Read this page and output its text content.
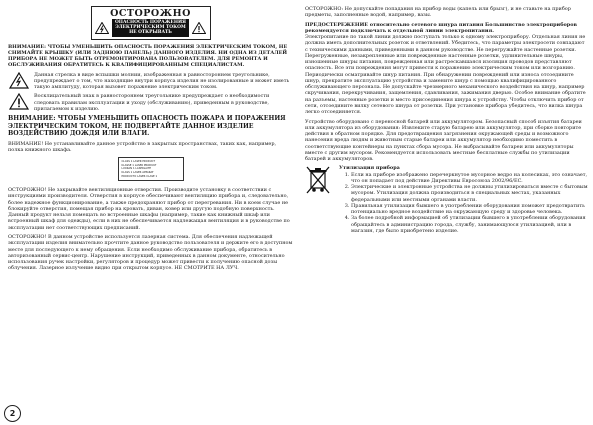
ОСТОРОЖНО
ОПАСНОСТЬ ПОРАЖЕНИЯ
ЭЛЕКТРИЧЕСКИМ ТОКОМ
НЕ ОТКРЫВАТЬ

ВНИМАНИЕ: ЧТОБЫ УМЕНЬШИТЬ ОПАСНОСТЬ ПОРАЖЕНИЯ ЭЛЕКТРИЧЕСКИМ ТОКОМ, НЕ СНИМАЙТЕ КРЫШКУ (ИЛИ ЗАДНЮЮ ПАНЕЛЬ) ДАННОГО ИЗДЕЛИЯ. НИ ОДНА ИЗ ДЕТАЛЕЙ ПРИБОРА НЕ МОЖЕТ БЫТЬ ОТРЕМОНТИРОВАНА ПОЛЬЗОВАТЕЛЕМ. ДЛЯ РЕМОНТА И ОБСЛУЖИВАНИЯ ОБРАТИТЕСЬ К КВАЛИФИЦИРОВАННЫМ СПЕЦИАЛИСТАМ.

Данная стрелка в виде вспышки молнии, изображенная в равностороннем треугольнике, предупреждает о том, что находящие внутри корпуса изделия не изолированные и может иметь такую амплитуду, которая вызовет поражение электрическим током.

Восклицательный знак в равностороннем треугольнике предупреждает о необходимости следовать правилам эксплуатации и уходу (обслуживанию), приведенным в руководстве, прилагаемом к изделию.

ВНИМАНИЕ: ЧТОБЫ УМЕНЬШИТЬ ОПАСНОСТЬ ПОЖАРА И ПОРАЖЕНИЯ ЭЛЕКТРИЧЕСКИМ ТОКОМ, НЕ ПОДВЕРГАЙТЕ ДАННОЕ ИЗДЕЛИЕ ВОЗДЕЙСТВИЮ ДОЖДЯ ИЛИ ВЛАГИ.

ВНИМАНИЕ! Не устанавливайте данное устройство в закрытых пространствах, таких как, например, полка книжного шкафа.

CLASS 1 LASER PRODUCT
KLASSE 1 LASER PRODUKT
LUOKAN 1 LASERLAITE
KLASS 1 LASER APPARAT
PRODUCTO LÁSER CLASE 1

ОСТОРОЖНО! Не закрывайте вентиляционные отверстия. Производите установку в соответствии с инструкциями производителя. Отверстия в корпусе обеспечивают вентиляцию прибора и, следовательно, более надежное функционирование, а также предохраняют прибор от перегревания. Ни в коем случае не блокируйте отверстия, помещая прибор на кровать, диван, ковер или другую подобную поверхность. Данный продукт нельзя помещать во встроенные шкафы (например, такие как книжный шкаф или встроенный шкаф для одежды), если в них не обеспечивается надлежащая вентиляция и в руководстве по эксплуатации нет соответствующих предписаний.

ОСТОРОЖНО! В данном устройстве используется лазерная система. Для обеспечения надлежащей эксплуатации изделия внимательно прочтите данное руководство пользователя и держите его в доступном месте для последующего к нему обращения. Если необходимо обслуживание прибора, обратитесь в авторизованный сервис-центр. Нарушение инструкций, приведенных в данном документе, относительно использования ручек настройки, регуляторов и процедур может привести к получению опасной дозы облучения. Лазерное излучение видно при открытом корпусе. НЕ СМОТРИТЕ НА ЛУЧ.

ОСТОРОЖНО: Не допускайте попадания на прибор воды (капель или брызг), и не ставьте на прибор предметы, заполненные водой, например, вазы.

ПРЕДОСТЕРЕЖЕНИЕ относительно сетевого шнура питания Большинство электроприборов рекомендуется подключать к отдельной линии электропитания.

Электропитание по такой линии должно поступать только к одному электроприбору. Отдельная линия не должна иметь дополнительных розеток и ответвлений. Убедитесь, что параметры электросети совпадают с техническими данными, приведенными в данном руководстве. Не перегружайте настенные розетки. Перегруженные, незакрепленные или поврежденные настенные розетки, удлинительные шнуры, изношенные шнуры питания, поврежденная или растрескавшаяся изоляция проводов представляют опасность. Все эти повреждения могут привести к поражению электрическим током или возгоранию. Периодически осматривайте шнур питания. При обнаружении повреждений или износа отсоедините шнур, прекратите эксплуатацию устройства и замените шнур с помощью квалифицированного обслуживающего персонала. Не допускайте чрезмерного механического воздействия на шнур, например скручивания, перекручивания, защемления, сдавливания, зажимания дверью. Особое внимание обратите на разъемы, настенные розетки и место присоединения шнура к устройству. Чтобы отключить прибор от сети, отсоедините вилку сетевого шнура от розетки. При установке прибора убедитесь, что вилка шнура легко отсоединяется.

Устройство оборудовано с переносной батарей или аккумулятором. Безопасный способ изъятия батареи или аккумулятора из оборудования: Извлеките старую батарею или аккумулятор, при сборке повторите действия в обратном порядке. Для предотвращения загрязнения окружающей среды и возможного нанесения вреда людям и животным старые батареи или аккумулятор необходимо поместить в соответствующие контейнеры на пунктах сбора мусора. Не выбрасывайте батареи или аккумуляторы вместе с другим мусором. Рекомендуется использовать местные бесплатные службы по утилизации батарей и аккумуляторов.

Утилизация прибора
1. Если на приборе изображено перечеркнутое мусорное ведро на колесиках, это означает, что он попадает под действие Директивы Евросоюза 2002/96/EC.
2. Электрические и электронные устройства не должны утилизироваться вместе с бытовым мусором. Утилизация должна производиться в специальных местах, указанных федеральными или местными органами власти.
3. Правильная утилизация бывшего в употреблении оборудования поможет предотвратить потенциально вредное воздействие на окружающую среду и здоровье человека.
4. За более подробной информацией об утилизации бывшего в употреблении оборудования обращайтесь в администрацию города, службу, занимающуюся утилизацией, или в магазин, где было приобретено изделие.
2
